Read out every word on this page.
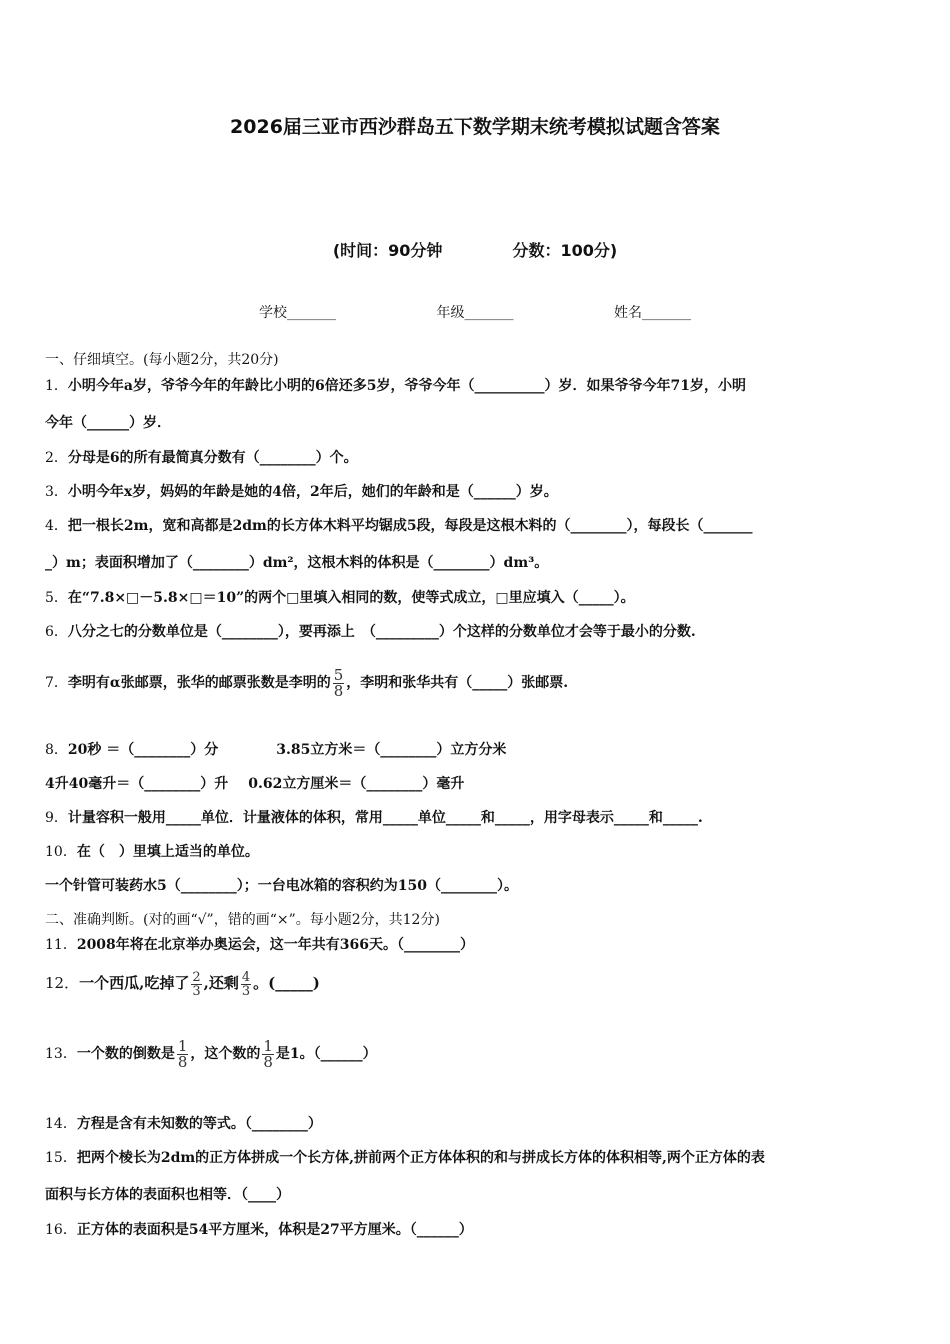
2026届三亚市西沙群岛五下数学期末统考模拟试题含答案
(时间：90分钟	分数：100分)
学校_______	年级_______	姓名_______
一、仔细填空。(每小题2分，共20分)
1．小明今年a岁，爷爷今年的年龄比小明的6倍还多5岁，爷爷今年（__________）岁．如果爷爷今年71岁，小明
今年（______）岁．
2．分母是6的所有最简真分数有（________）个。
3．小明今年x岁，妈妈的年龄是她的4倍，2年后，她们的年龄和是（______）岁。
4．把一根长2m，宽和高都是2dm的长方体木料平均锯成5段，每段是这根木料的（________），每段长（_______
_）m；表面积增加了（________）dm²，这根木料的体积是（________）dm³。
5．在“7.8×□－5.8×□＝10”的两个□里填入相同的数，使等式成立，□里应填入（_____）。
6．八分之七的分数单位是（________），要再添上　（_________）个这样的分数单位才会等于最小的分数.
7．李明有α张邮票，张华的邮票张数是李明的 $\frac{5}{8}$ ，李明和张华共有（_____）张邮票.
8．20秒 ＝（________）分	3.85立方米＝（________）立方分米
4升40毫升＝（________）升 0.62立方厘米＝（________）毫升
9．计量容积一般用_____单位．计量液体的体积，常用_____单位_____和_____，用字母表示_____和_____.
10．在（　）里填上适当的单位。
一个针管可装药水5（________）；一台电冰箱的容积约为150（________）。
二、准确判断。(对的画“√”，错的画“×”。每小题2分，共12分)
11．2008年将在北京举办奥运会，这一年共有366天。（________）
12．一个西瓜,吃掉了 $\frac{2}{3}$ ,还剩 $\frac{4}{3}$ 。(_____)
13．一个数的倒数是 $\frac{1}{8}$ ，这个数的 $\frac{1}{8}$ 是1。（______）
14．方程是含有未知数的等式。（________）
15．把两个棱长为2dm的正方体拼成一个长方体,拼前两个正方体体积的和与拼成长方体的体积相等,两个正方体的表
面积与长方体的表面积也相等．（____）
16．正方体的表面积是54平方厘米，体积是27平方厘米。（______）
